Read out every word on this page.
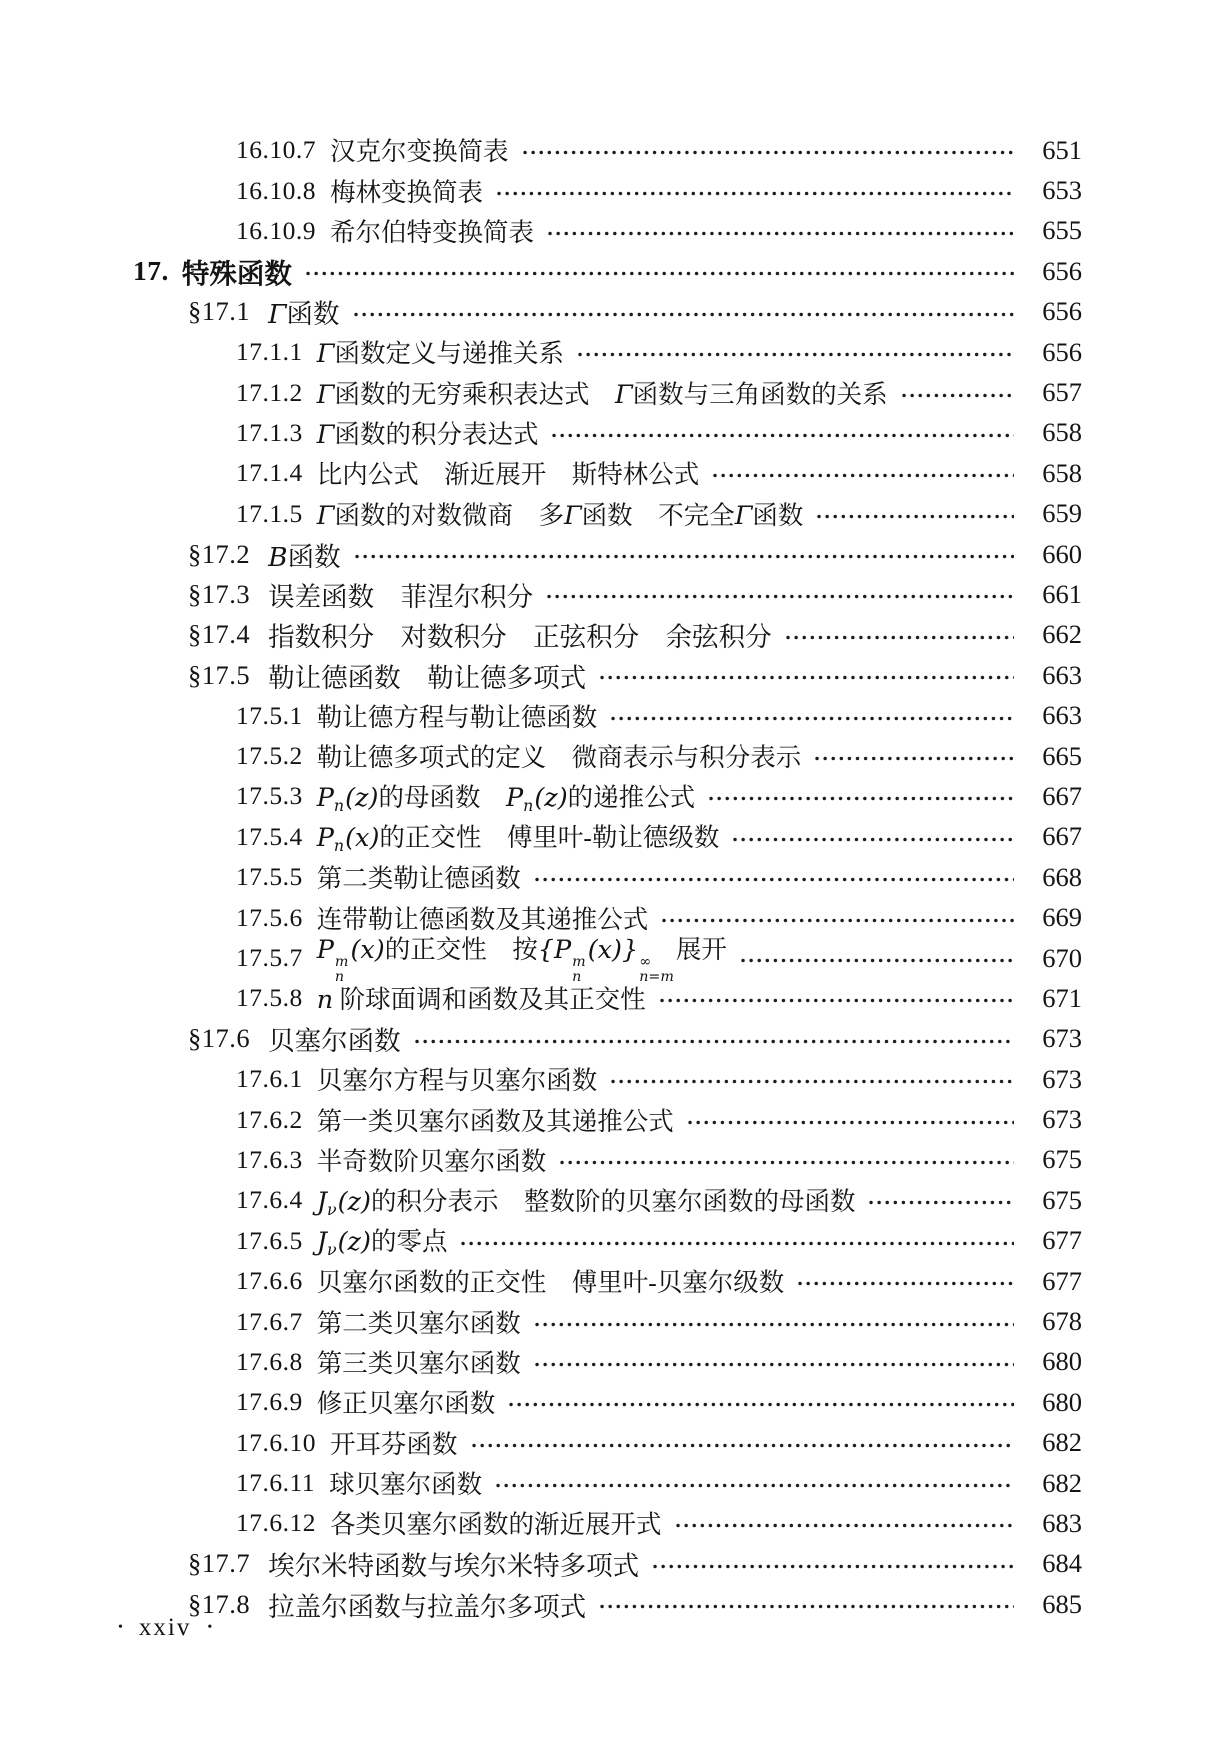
16.10.7 汉克尔变换简表	651
16.10.8 梅林变换简表	653
16.10.9 希尔伯特变换简表	655
17. 特殊函数	656
§17.1 Γ函数	656
17.1.1 Γ函数定义与递推关系	656
17.1.2 Γ函数的无穷乘积表达式　Γ函数与三角函数的关系	657
17.1.3 Γ函数的积分表达式	658
17.1.4 比内公式　渐近展开　斯特林公式	658
17.1.5 Γ函数的对数微商　多Γ函数　不完全Γ函数	659
§17.2 B函数	660
§17.3 误差函数　菲涅尔积分	661
§17.4 指数积分　对数积分　正弦积分　余弦积分	662
§17.5 勒让德函数　勒让德多项式	663
17.5.1 勒让德方程与勒让德函数	663
17.5.2 勒让德多项式的定义　微商表示与积分表示	665
17.5.3 Pn(z)的母函数　Pn(z)的递推公式	667
17.5.4 Pn(x)的正交性　傅里叶-勒让德级数	667
17.5.5 第二类勒让德函数	668
17.5.6 连带勒让德函数及其递推公式	669
17.5.7 P m
n
(x)的正交性　按{P m
n
(x)} ∞
n=m
展开	670
17.5.8 n 阶球面调和函数及其正交性	671
§17.6 贝塞尔函数	673
17.6.1 贝塞尔方程与贝塞尔函数	673
17.6.2 第一类贝塞尔函数及其递推公式	673
17.6.3 半奇数阶贝塞尔函数	675
17.6.4 Jν(z)的积分表示　整数阶的贝塞尔函数的母函数	675
17.6.5 Jν(z)的零点	677
17.6.6 贝塞尔函数的正交性　傅里叶-贝塞尔级数	677
17.6.7 第二类贝塞尔函数	678
17.6.8 第三类贝塞尔函数	680
17.6.9 修正贝塞尔函数	680
17.6.10 开耳芬函数	682
17.6.11 球贝塞尔函数	682
17.6.12 各类贝塞尔函数的渐近展开式	683
§17.7 埃尔米特函数与埃尔米特多项式	684
§17.8 拉盖尔函数与拉盖尔多项式	685
• xxiv •
